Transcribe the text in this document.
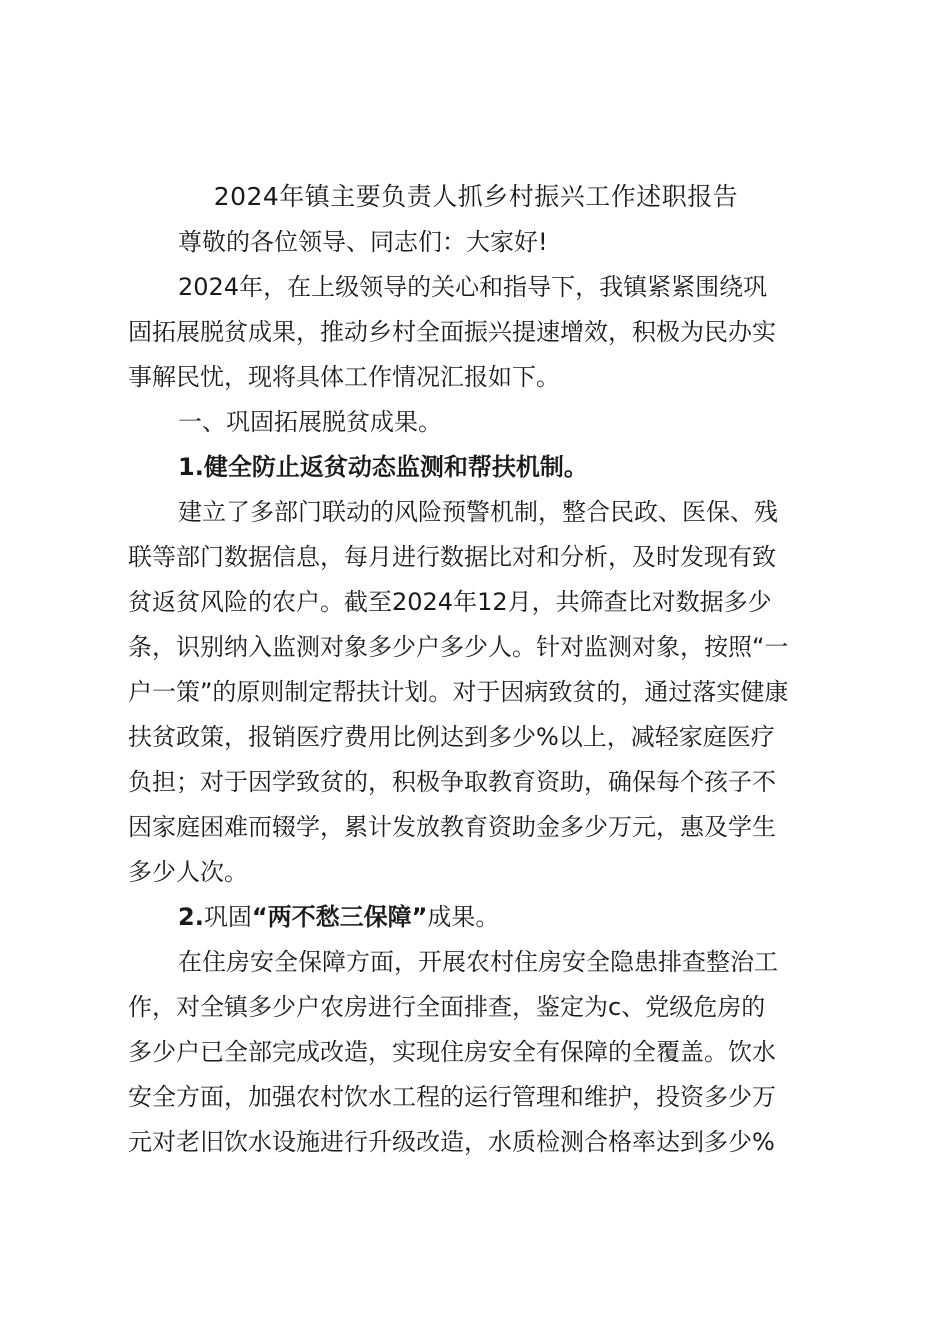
2024年镇主要负责人抓乡村振兴工作述职报告

尊敬的各位领导、同志们：大家好!

2024年，在上级领导的关心和指导下，我镇紧紧围绕巩

固拓展脱贫成果，推动乡村全面振兴提速增效，积极为民办实

事解民忧，现将具体工作情况汇报如下。

一、巩固拓展脱贫成果。

1.健全防止返贫动态监测和帮扶机制。

建立了多部门联动的风险预警机制，整合民政、医保、残

联等部门数据信息，每月进行数据比对和分析，及时发现有致

贫返贫风险的农户。截至2024年12月，共筛查比对数据多少

条，识别纳入监测对象多少户多少人。针对监测对象，按照“一

户一策”的原则制定帮扶计划。对于因病致贫的，通过落实健康

扶贫政策，报销医疗费用比例达到多少%以上，减轻家庭医疗

负担；对于因学致贫的，积极争取教育资助，确保每个孩子不

因家庭困难而辍学，累计发放教育资助金多少万元，惠及学生

多少人次。

2.巩固“两不愁三保障”成果。

在住房安全保障方面，开展农村住房安全隐患排查整治工

作，对全镇多少户农房进行全面排查，鉴定为c、党级危房的

多少户已全部完成改造，实现住房安全有保障的全覆盖。饮水

安全方面，加强农村饮水工程的运行管理和维护，投资多少万

元对老旧饮水设施进行升级改造，水质检测合格率达到多少%
